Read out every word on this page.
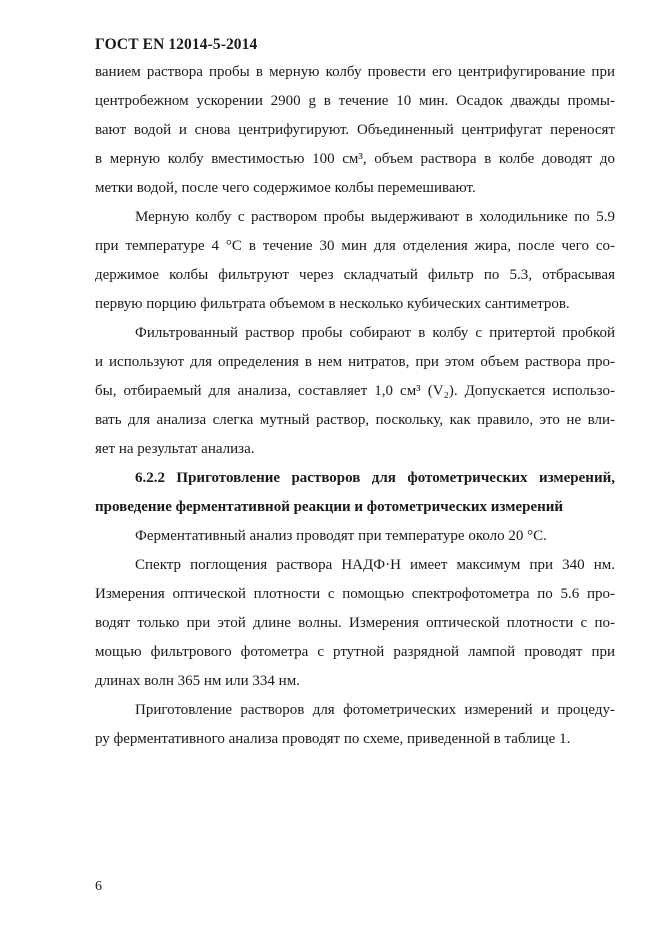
ГОСТ EN 12014-5-2014
ванием раствора пробы в мерную колбу провести его центрифугирование при
центробежном ускорении 2900 g в течение 10 мин. Осадок дважды промы-
вают водой и снова центрифугируют. Объединенный центрифугат переносят
в мерную колбу вместимостью 100 см³, объем раствора в колбе доводят до
метки водой, после чего содержимое колбы перемешивают.
Мерную колбу с раствором пробы выдерживают в холодильнике по 5.9
при температуре 4 °С в течение 30 мин для отделения жира, после чего со-
держимое колбы фильтруют через складчатый фильтр по 5.3, отбрасывая
первую порцию фильтрата объемом в несколько кубических сантиметров.
Фильтрованный раствор пробы собирают в колбу с притертой пробкой
и используют для определения в нем нитратов, при этом объем раствора про-
бы, отбираемый для анализа, составляет 1,0 см³ (V₂). Допускается использо-
вать для анализа слегка мутный раствор, поскольку, как правило, это не вли-
яет на результат анализа.
6.2.2 Приготовление растворов для фотометрических измерений,
проведение ферментативной реакции и фотометрических измерений
Ферментативный анализ проводят при температуре около 20 °С.
Спектр поглощения раствора НАДФ·Н имеет максимум при 340 нм.
Измерения оптической плотности с помощью спектрофотометра по 5.6 про-
водят только при этой длине волны. Измерения оптической плотности с по-
мощью фильтрового фотометра с ртутной разрядной лампой проводят при
длинах волн 365 нм или 334 нм.
Приготовление растворов для фотометрических измерений и процеду-
ру ферментативного анализа проводят по схеме, приведенной в таблице 1.
6
